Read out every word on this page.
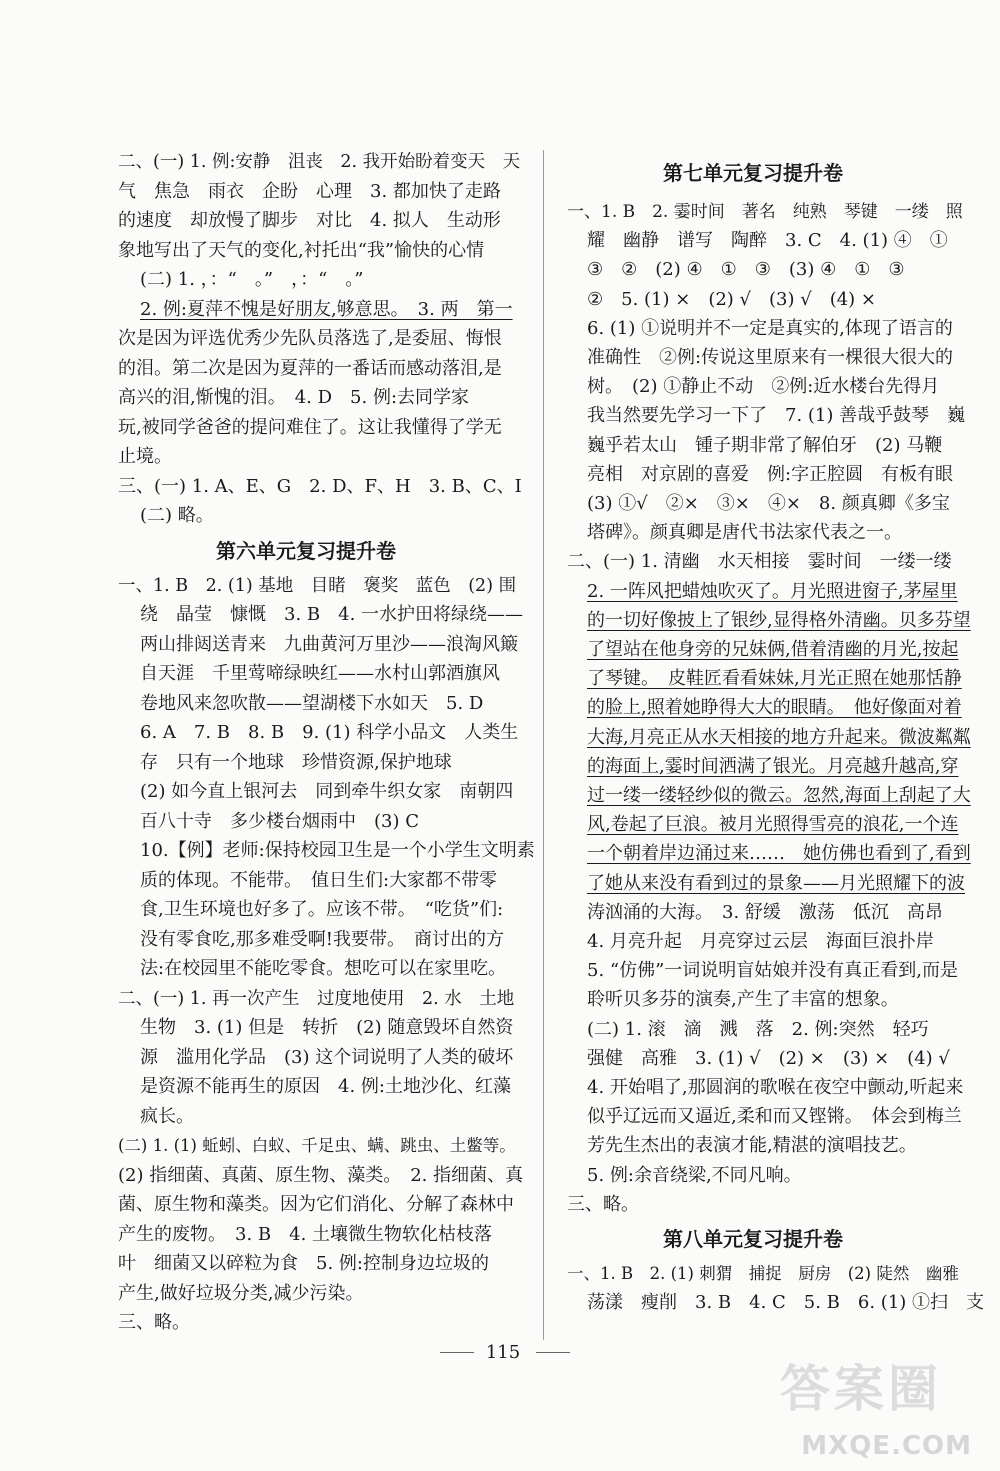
二、(一) 1. 例:安静　沮丧　2. 我开始盼着变天　天
气　焦急　雨衣　企盼　心理　3. 都加快了走路
的速度　却放慢了脚步　对比　4. 拟人　生动形
象地写出了天气的变化,衬托出“我”愉快的心情
(二) 1. ，：“　。”　，：“　。”
2. 例:夏萍不愧是好朋友,够意思。　3. 两　第一
次是因为评选优秀少先队员落选了,是委屈、悔恨
的泪。第二次是因为夏萍的一番话而感动落泪,是
高兴的泪,惭愧的泪。　4. D　5. 例:去同学家
玩,被同学爸爸的提问难住了。这让我懂得了学无
止境。
三、(一) 1. A、E、G　2. D、F、H　3. B、C、I
(二) 略。
第六单元复习提升卷
一、1. B　2. (1) 基地　目睹　褒奖　蓝色　(2) 围
绕　晶莹　慷慨　3. B　4. 一水护田将绿绕——
两山排闼送青来　九曲黄河万里沙——浪淘风簸
自天涯　千里莺啼绿映红——水村山郭酒旗风
卷地风来忽吹散——望湖楼下水如天　5. D
6. A　7. B　8. B　9. (1) 科学小品文　人类生
存　只有一个地球　珍惜资源,保护地球
(2) 如今直上银河去　同到牵牛织女家　南朝四
百八十寺　多少楼台烟雨中　(3) C
10.【例】老师:保持校园卫生是一个小学生文明素
质的体现。不能带。　值日生们:大家都不带零
食,卫生环境也好多了。应该不带。　“吃货”们:
没有零食吃,那多难受啊!我要带。　商讨出的方
法:在校园里不能吃零食。想吃可以在家里吃。
二、(一) 1. 再一次产生　过度地使用　2. 水　土地
生物　3. (1) 但是　转折　(2) 随意毁坏自然资
源　滥用化学品　(3) 这个词说明了人类的破坏
是资源不能再生的原因　4. 例:土地沙化、红藻
疯长。
(二) 1. (1) 蚯蚓、白蚁、千足虫、螨、跳虫、土鳖等。
(2) 指细菌、真菌、原生物、藻类。　2. 指细菌、真
菌、原生物和藻类。因为它们消化、分解了森林中
产生的废物。　3. B　4. 土壤微生物软化枯枝落
叶　细菌又以碎粒为食　5. 例:控制身边垃圾的
产生,做好垃圾分类,减少污染。
三、略。
第七单元复习提升卷
一、1. B　2. 霎时间　著名　纯熟　琴键　一缕　照
耀　幽静　谱写　陶醉　3. C　4. (1) ④　①
③　②　(2) ④　①　③　(3) ④　①　③
②　5. (1) ×　(2) √　(3) √　(4) ×
6. (1) ①说明并不一定是真实的,体现了语言的
准确性　②例:传说这里原来有一棵很大很大的
树。　(2) ①静止不动　②例:近水楼台先得月
我当然要先学习一下了　7. (1) 善哉乎鼓琴　巍
巍乎若太山　锺子期非常了解伯牙　(2) 马鞭
亮相　对京剧的喜爱　例:字正腔圆　有板有眼
(3) ①√　②×　③×　④×　8. 颜真卿《多宝
塔碑》。颜真卿是唐代书法家代表之一。
二、(一) 1. 清幽　水天相接　霎时间　一缕一缕
2. 一阵风把蜡烛吹灭了。月光照进窗子,茅屋里
的一切好像披上了银纱,显得格外清幽。贝多芬望
了望站在他身旁的兄妹俩,借着清幽的月光,按起
了琴键。　皮鞋匠看看妹妹,月光正照在她那恬静
的脸上,照着她睁得大大的眼睛。　他好像面对着
大海,月亮正从水天相接的地方升起来。微波粼粼
的海面上,霎时间洒满了银光。月亮越升越高,穿
过一缕一缕轻纱似的微云。忽然,海面上刮起了大
风,卷起了巨浪。被月光照得雪亮的浪花,一个连
一个朝着岸边涌过来……　她仿佛也看到了,看到
了她从来没有看到过的景象——月光照耀下的波
涛汹涌的大海。　3. 舒缓　激荡　低沉　高昂
4. 月亮升起　月亮穿过云层　海面巨浪扑岸
5. “仿佛”一词说明盲姑娘并没有真正看到,而是
聆听贝多芬的演奏,产生了丰富的想象。
(二) 1. 滚　滴　溅　落　2. 例:突然　轻巧
强健　高雅　3. (1) √　(2) ×　(3) ×　(4) √
4. 开始唱了,那圆润的歌喉在夜空中颤动,听起来
似乎辽远而又逼近,柔和而又铿锵。　体会到梅兰
芳先生杰出的表演才能,精湛的演唱技艺。
5. 例:余音绕梁,不同凡响。
三、略。
一、1. B　2. (1) 刺猬　捕捉　厨房　(2) 陡然　幽雅
荡漾　瘦削　3. B　4. C　5. B　6. (1) ①扫　支
第八单元复习提升卷
115
答案圈
MXQE.COM
